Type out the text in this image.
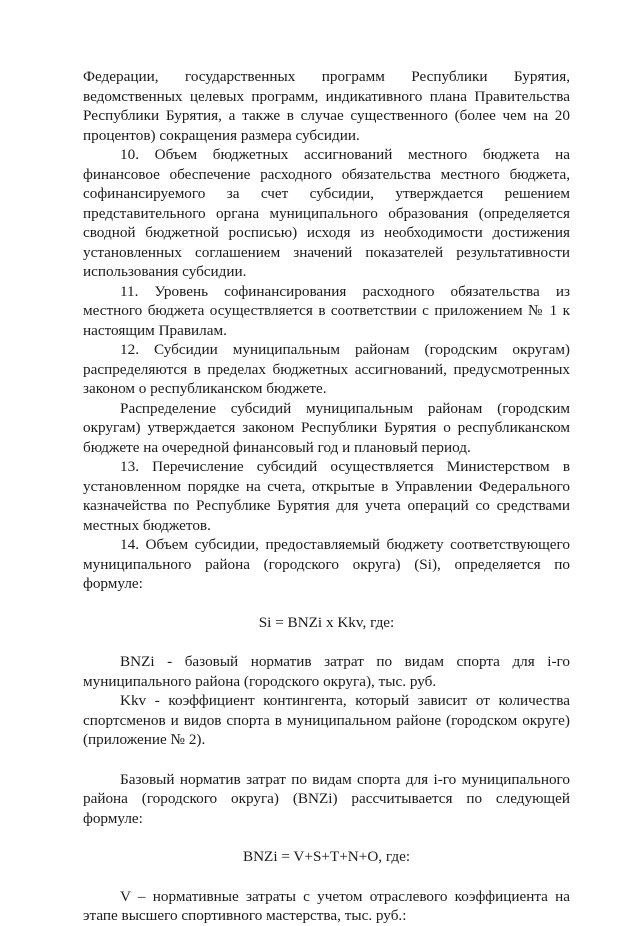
Федерации, государственных программ Республики Бурятия, ведомственных целевых программ, индикативного плана Правительства Республики Бурятия, а также в случае существенного (более чем на 20 процентов) сокращения размера субсидии.

10. Объем бюджетных ассигнований местного бюджета на финансовое обеспечение расходного обязательства местного бюджета, софинансируемого за счет субсидии, утверждается решением представительного органа муниципального образования (определяется сводной бюджетной росписью) исходя из необходимости достижения установленных соглашением значений показателей результативности использования субсидии.

11. Уровень софинансирования расходного обязательства из местного бюджета осуществляется в соответствии с приложением № 1 к настоящим Правилам.

12. Субсидии муниципальным районам (городским округам) распределяются в пределах бюджетных ассигнований, предусмотренных законом о республиканском бюджете.

Распределение субсидий муниципальным районам (городским округам) утверждается законом Республики Бурятия о республиканском бюджете на очередной финансовый год и плановый период.

13. Перечисление субсидий осуществляется Министерством в установленном порядке на счета, открытые в Управлении Федерального казначейства по Республике Бурятия для учета операций со средствами местных бюджетов.

14. Объем субсидии, предоставляемый бюджету соответствующего муниципального района (городского округа) (Si), определяется по формуле:

Si = BNZi x Kkv, где:

BNZi - базовый норматив затрат по видам спорта для i-го муниципального района (городского округа), тыс. руб.

Kkv - коэффициент контингента, который зависит от количества спортсменов и видов спорта в муниципальном районе (городском округе) (приложение № 2).

Базовый норматив затрат по видам спорта для i-го муниципального района (городского округа) (BNZi) рассчитывается по следующей формуле:

BNZi = V+S+T+N+O, где:

V – нормативные затраты с учетом отраслевого коэффициента на этапе высшего спортивного мастерства, тыс. руб.:
